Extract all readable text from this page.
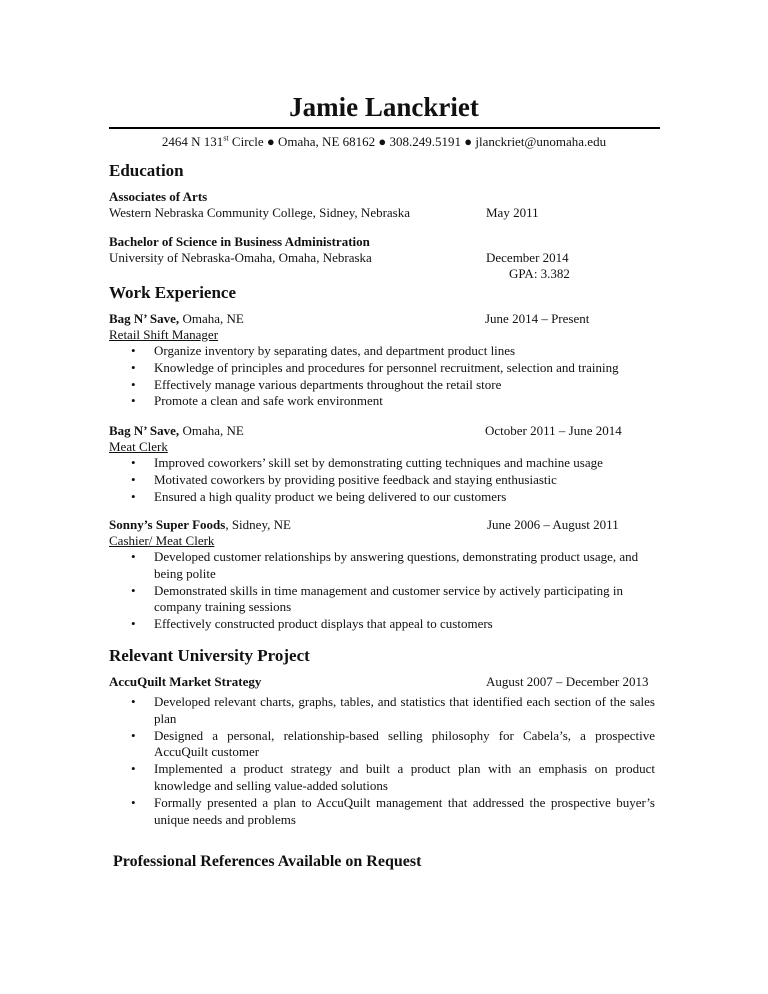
Jamie Lanckriet
2464 N 131st Circle ● Omaha, NE 68162 ● 308.249.5191 ● jlanckriet@unomaha.edu
Education
Associates of Arts
Western Nebraska Community College, Sidney, Nebraska	May 2011
Bachelor of Science in Business Administration
University of Nebraska-Omaha, Omaha, Nebraska	December 2014
GPA: 3.382
Work Experience
Bag N’ Save, Omaha, NE	June 2014 – Present
Retail Shift Manager
• Organize inventory by separating dates, and department product lines
• Knowledge of principles and procedures for personnel recruitment, selection and training
• Effectively manage various departments throughout the retail store
• Promote a clean and safe work environment
Bag N’ Save, Omaha, NE	October 2011 – June 2014
Meat Clerk
• Improved coworkers’ skill set by demonstrating cutting techniques and machine usage
• Motivated coworkers by providing positive feedback and staying enthusiastic
• Ensured a high quality product we being delivered to our customers
Sonny’s Super Foods, Sidney, NE	June 2006 – August 2011
Cashier/ Meat Clerk
• Developed customer relationships by answering questions, demonstrating product usage, and being polite
• Demonstrated skills in time management and customer service by actively participating in company training sessions
• Effectively constructed product displays that appeal to customers
Relevant University Project
AccuQuilt Market Strategy	August 2007 – December 2013
• Developed relevant charts, graphs, tables, and statistics that identified each section of the sales plan
• Designed a personal, relationship-based selling philosophy for Cabela’s, a prospective AccuQuilt customer
• Implemented a product strategy and built a product plan with an emphasis on product knowledge and selling value-added solutions
• Formally presented a plan to AccuQuilt management that addressed the prospective buyer’s unique needs and problems
Professional References Available on Request
